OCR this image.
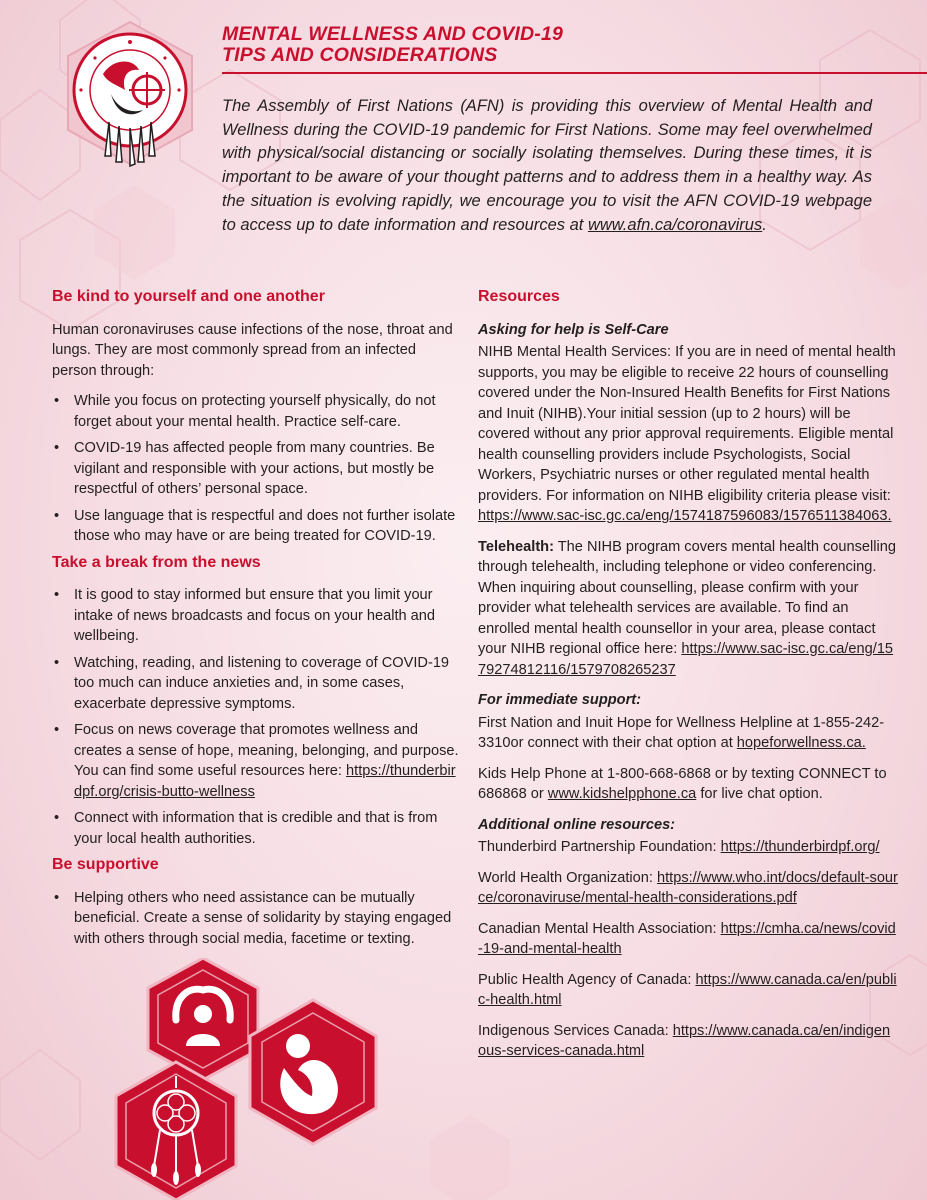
MENTAL WELLNESS AND COVID-19
TIPS AND CONSIDERATIONS
The Assembly of First Nations (AFN) is providing this overview of Mental Health and Wellness during the COVID-19 pandemic for First Nations. Some may feel overwhelmed with physical/social distancing or socially isolating themselves. During these times, it is important to be aware of your thought patterns and to address them in a healthy way. As the situation is evolving rapidly, we encourage you to visit the AFN COVID-19 webpage to access up to date information and resources at www.afn.ca/coronavirus.
Be kind to yourself and one another

Human coronaviruses cause infections of the nose, throat and lungs. They are most commonly spread from an infected person through:

• While you focus on protecting yourself physically, do not forget about your mental health. Practice self-care.
• COVID-19 has affected people from many countries. Be vigilant and responsible with your actions, but mostly be respectful of others’ personal space.
• Use language that is respectful and does not further isolate those who may have or are being treated for COVID-19.
Take a break from the news
• It is good to stay informed but ensure that you limit your intake of news broadcasts and focus on your health and wellbeing.
• Watching, reading, and listening to coverage of COVID-19 too much can induce anxieties and, in some cases, exacerbate depressive symptoms.
• Focus on news coverage that promotes wellness and creates a sense of hope, meaning, belonging, and purpose. You can find some useful resources here: https://thunderbirdpf.org/crisis-butto-wellness
• Connect with information that is credible and that is from your local health authorities.
Be supportive
• Helping others who need assistance can be mutually beneficial. Create a sense of solidarity by staying engaged with others through social media, facetime or texting.
Resources
Asking for help is Self-Care

NIHB Mental Health Services: If you are in need of mental health supports, you may be eligible to receive 22 hours of counselling covered under the Non-Insured Health Benefits for First Nations and Inuit (NIHB).Your initial session (up to 2 hours) will be covered without any prior approval requirements. Eligible mental health counselling providers include Psychologists, Social Workers, Psychiatric nurses or other regulated mental health providers. For information on NIHB eligibility criteria please visit: https://www.sac-isc.gc.ca/eng/1574187596083/1576511384063.

Telehealth: The NIHB program covers mental health counselling through telehealth, including telephone or video conferencing. When inquiring about counselling, please confirm with your provider what telehealth services are available. To find an enrolled mental health counsellor in your area, please contact your NIHB regional office here: https://www.sac-isc.gc.ca/eng/1579274812116/1579708265237

For immediate support:

First Nation and Inuit Hope for Wellness Helpline at 1-855-242-3310or connect with their chat option at hopeforwellness.ca.

Kids Help Phone at 1-800-668-6868 or by texting CONNECT to 686868 or www.kidshelpphone.ca for live chat option.

Additional online resources:

Thunderbird Partnership Foundation: https://thunderbirdpf.org/

World Health Organization: https://www.who.int/docs/default-source/coronaviruse/mental-health-considerations.pdf

Canadian Mental Health Association: https://cmha.ca/news/covid-19-and-mental-health

Public Health Agency of Canada: https://www.canada.ca/en/public-health.html

Indigenous Services Canada: https://www.canada.ca/en/indigenous-services-canada.html
